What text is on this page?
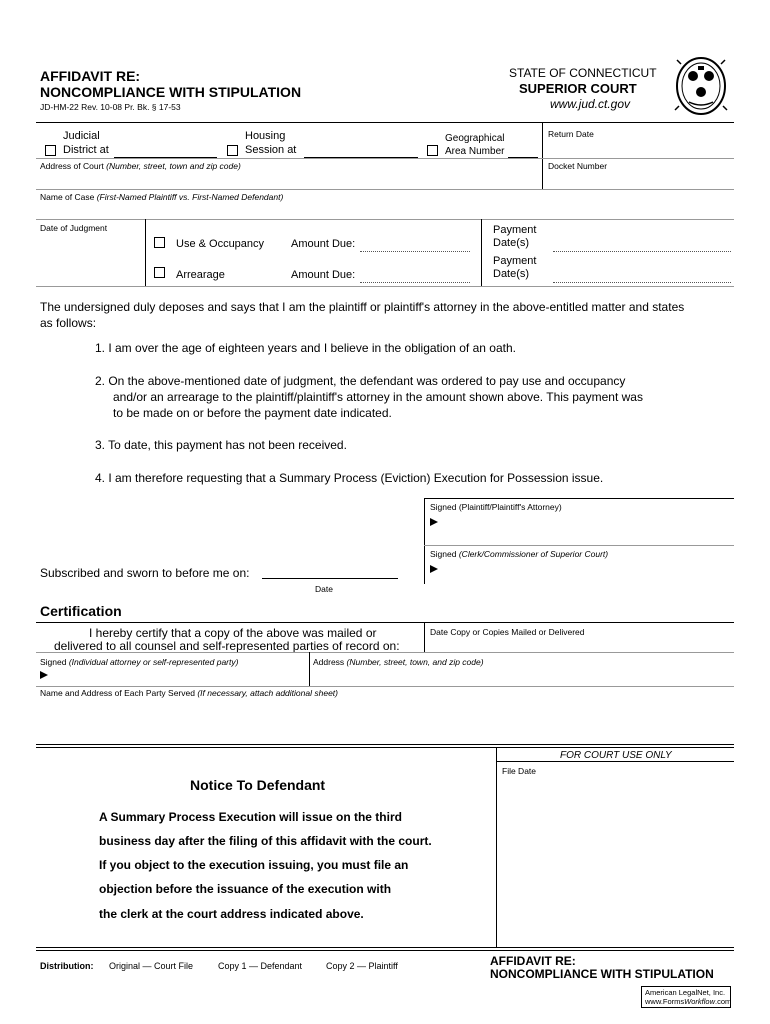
AFFIDAVIT RE:
NONCOMPLIANCE WITH STIPULATION
JD-HM-22 Rev. 10-08 Pr. Bk. § 17-53
STATE OF CONNECTICUT
SUPERIOR COURT
www.jud.ct.gov
Judicial
District at
Housing
Session at
Geographical
Area Number
Return Date
Address of Court (Number, street, town and zip code)	Docket Number
Name of Case (First-Named Plaintiff vs. First-Named Defendant)
Date of Judgment
Use & Occupancy Amount Due:
Arrearage	Amount Due:
Payment
Date(s)
Payment
Date(s)
The undersigned duly deposes and says that I am the plaintiff or plaintiff's attorney in the above-entitled matter and states
as follows:
1. I am over the age of eighteen years and I believe in the obligation of an oath.
2. On the above-mentioned date of judgment, the defendant was ordered to pay use and occupancy
and/or an arrearage to the plaintiff/plaintiff's attorney in the amount shown above. This payment was
to be made on or before the payment date indicated.
3. To date, this payment has not been received.
4. I am therefore requesting that a Summary Process (Eviction) Execution for Possession issue.
Signed (Plaintiff/Plaintiff's Attorney)
Signed (Clerk/Commissioner of Superior Court)
Subscribed and sworn to before me on:
Date
Certification
I hereby certify that a copy of the above was mailed or
delivered to all counsel and self-represented parties of record on:
Date Copy or Copies Mailed or Delivered
Signed (Individual attorney or self-represented party)	Address (Number, street, town, and zip code)
Name and Address of Each Party Served (If necessary, attach additional sheet)
FOR COURT USE ONLY
File Date
Notice To Defendant
A Summary Process Execution will issue on the third
business day after the filing of this affidavit with the court.
If you object to the execution issuing, you must file an
objection before the issuance of the execution with
the clerk at the court address indicated above.
Distribution: Original — Court File	Copy 1 — Defendant	Copy 2 — Plaintiff	AFFIDAVIT RE:
NONCOMPLIANCE WITH STIPULATION
American LegalNet, Inc.
www.FormsWorkflow.com
